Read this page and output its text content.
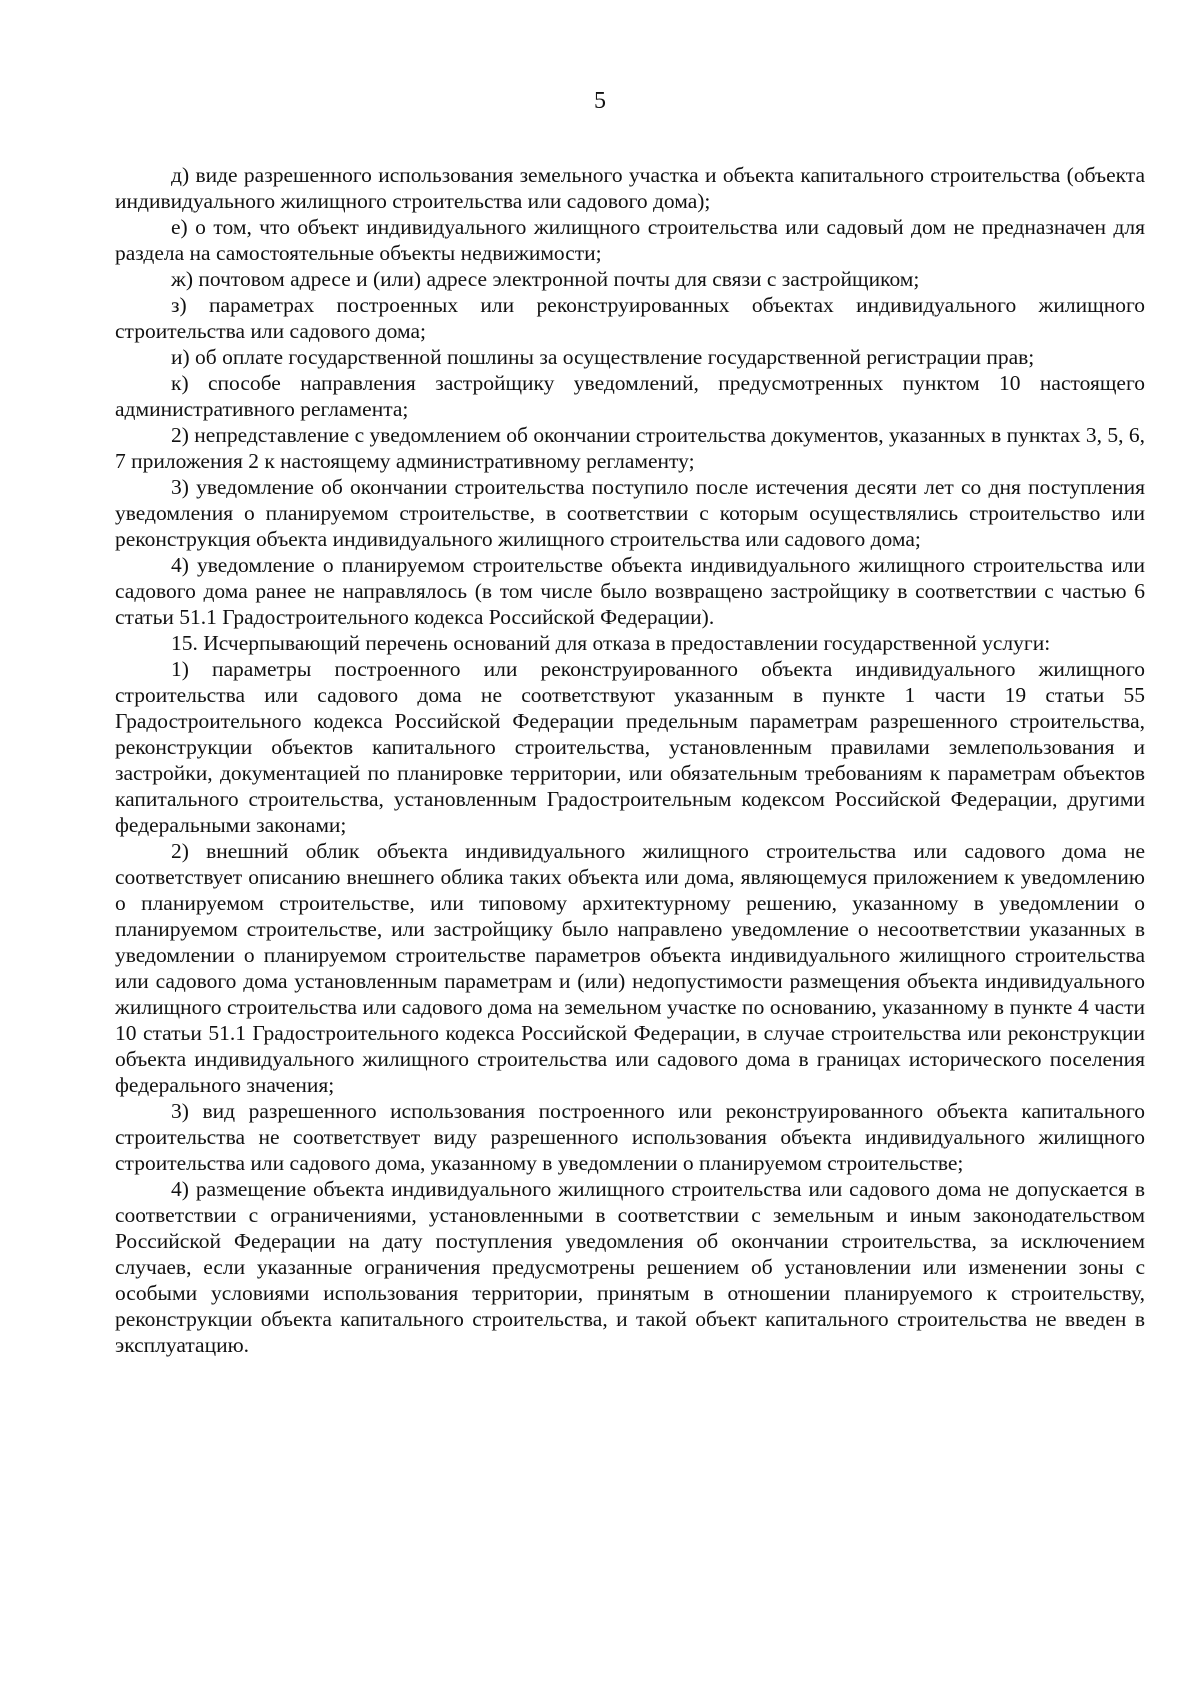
5

д) виде разрешенного использования земельного участка и объекта капитального строительства (объекта индивидуального жилищного строительства или садового дома);

е) о том, что объект индивидуального жилищного строительства или садовый дом не предназначен для раздела на самостоятельные объекты недвижимости;

ж) почтовом адресе и (или) адресе электронной почты для связи с застройщиком;

з) параметрах построенных или реконструированных объектах индивидуального жилищного строительства или садового дома;

и) об оплате государственной пошлины за осуществление государственной регистрации прав;

к) способе направления застройщику уведомлений, предусмотренных пунктом 10 настоящего административного регламента;

2) непредставление с уведомлением об окончании строительства документов, указанных в пунктах 3, 5, 6, 7 приложения 2 к настоящему административному регламенту;

3) уведомление об окончании строительства поступило после истечения десяти лет со дня поступления уведомления о планируемом строительстве, в соответствии с которым осуществлялись строительство или реконструкция объекта индивидуального жилищного строительства или садового дома;

4) уведомление о планируемом строительстве объекта индивидуального жилищного строительства или садового дома ранее не направлялось (в том числе было возвращено застройщику в соответствии с частью 6 статьи 51.1 Градостроительного кодекса Российской Федерации).

15. Исчерпывающий перечень оснований для отказа в предоставлении государственной услуги:

1) параметры построенного или реконструированного объекта индивидуального жилищного строительства или садового дома не соответствуют указанным в пункте 1 части 19 статьи 55 Градостроительного кодекса Российской Федерации предельным параметрам разрешенного строительства, реконструкции объектов капитального строительства, установленным правилами землепользования и застройки, документацией по планировке территории, или обязательным требованиям к параметрам объектов капитального строительства, установленным Градостроительным кодексом Российской Федерации, другими федеральными законами;

2) внешний облик объекта индивидуального жилищного строительства или садового дома не соответствует описанию внешнего облика таких объекта или дома, являющемуся приложением к уведомлению о планируемом строительстве, или типовому архитектурному решению, указанному в уведомлении о планируемом строительстве, или застройщику было направлено уведомление о несоответствии указанных в уведомлении о планируемом строительстве параметров объекта индивидуального жилищного строительства или садового дома установленным параметрам и (или) недопустимости размещения объекта индивидуального жилищного строительства или садового дома на земельном участке по основанию, указанному в пункте 4 части 10 статьи 51.1 Градостроительного кодекса Российской Федерации, в случае строительства или реконструкции объекта индивидуального жилищного строительства или садового дома в границах исторического поселения федерального значения;

3) вид разрешенного использования построенного или реконструированного объекта капитального строительства не соответствует виду разрешенного использования объекта индивидуального жилищного строительства или садового дома, указанному в уведомлении о планируемом строительстве;

4) размещение объекта индивидуального жилищного строительства или садового дома не допускается в соответствии с ограничениями, установленными в соответствии с земельным и иным законодательством Российской Федерации на дату поступления уведомления об окончании строительства, за исключением случаев, если указанные ограничения предусмотрены решением об установлении или изменении зоны с особыми условиями использования территории, принятым в отношении планируемого к строительству, реконструкции объекта капитального строительства, и такой объект капитального строительства не введен в эксплуатацию.
